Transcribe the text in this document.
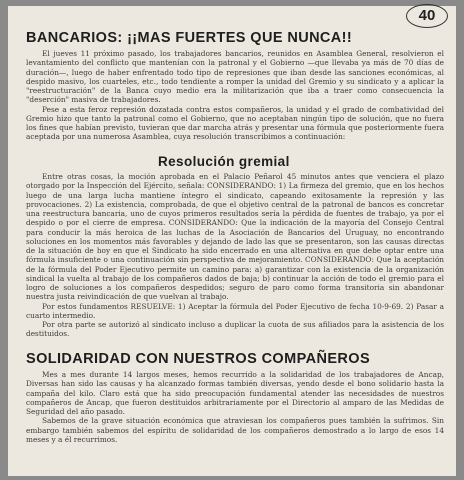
40
BANCARIOS: ¡¡MAS FUERTES QUE NUNCA!!

El jueves 11 próximo pasado, los trabajadores bancarios, reunidos en Asamblea General, resolvieron el levantamiento del conflicto que mantenían con la patronal y el Gobierno —que llevaba ya más de 70 días de duración—, luego de haber enfrentado todo tipo de represiones que iban desde las sanciones económicas, al despido masivo, los cuarteles, etc., todo tendiente a romper la unidad del Gremio y su sindicato y a aplicar la "reestructuración" de la Banca cuyo medio era la militarización que iba a traer como consecuencia la "deserción" masiva de trabajadores.

Pese a esta feroz represión dozatada contra estos compañeros, la unidad y el grado de combatividad del Gremio hizo que tanto la patronal como el Gobierno, que no aceptaban ningún tipo de solución, que no fuera los fines que habían previsto, tuvieran que dar marcha atrás y presentar una fórmula que posteriormente fuera aceptada por una numerosa Asamblea, cuya resolución transcribimos a continuación:

Resolución gremial

Entre otras cosas, la moción aprobada en el Palacio Peñarol 45 minutos antes que venciera el plazo otorgado por la Inspección del Ejército, señala: CONSIDERANDO: 1) La firmeza del gremio, que en los hechos luego de una larga lucha mantiene íntegro el sindicato, capeando exitosamente la represión y las provocaciones. 2) La existencia, comprobada, de que el objetivo central de la patronal de bancos es concretar una reestructura bancaria, uno de cuyos primeros resultados sería la pérdida de fuentes de trabajo, ya por el despido o por el cierre de empresa. CONSIDERANDO: Que la indicación de la mayoría del Consejo Central para conducir la más heroica de las luchas de la Asociación de Bancarios del Uruguay, no encontrando soluciones en los momentos más favorables y dejando de lado las que se presentaron, son las causas directas de la situación de hoy en que el Sindicato ha sido encerrado en una alternativa en que debe optar entre una fórmula insuficiente o una continuación sin perspectiva de mejoramiento. CONSIDERANDO: Que la aceptación de la fórmula del Poder Ejecutivo permite un camino para: a) garantizar con la existencia de la organización sindical la vuelta al trabajo de los compañeros dados de baja; b) continuar la acción de todo el gremio para el logro de soluciones a los compañeros despedidos; seguro de paro como forma transitoria sin abandonar nuestra justa reivindicación de que vuelvan al trabajo.

Por estos fundamentos RESUELVE: 1) Aceptar la fórmula del Poder Ejecutivo de fecha 10-9-69. 2) Pasar a cuarto intermedio.

Por otra parte se autorizó al sindicato incluso a duplicar la cuota de sus afiliados para la asistencia de los destituidos.

SOLIDARIDAD CON NUESTROS COMPAÑEROS

Mes a mes durante 14 largos meses, hemos recurrido a la solidaridad de los trabajadores de Ancap, Diversas han sido las causas y ha alcanzado formas también diversas, yendo desde el bono solidario hasta la campaña del kilo. Claro está que ha sido preocupación fundamental atender las necesidades de nuestros compañeros de Ancap, que fueron destituidos arbitrariamente por el Directorio al amparo de las Medidas de Seguridad del año pasado.

Sabemos de la grave situación económica que atraviesan los compañeros pues también la sufrimos. Sin embargo también sabemos del espíritu de solidaridad de los compañeros demostrado a lo largo de esos 14 meses y a él recurrimos.
